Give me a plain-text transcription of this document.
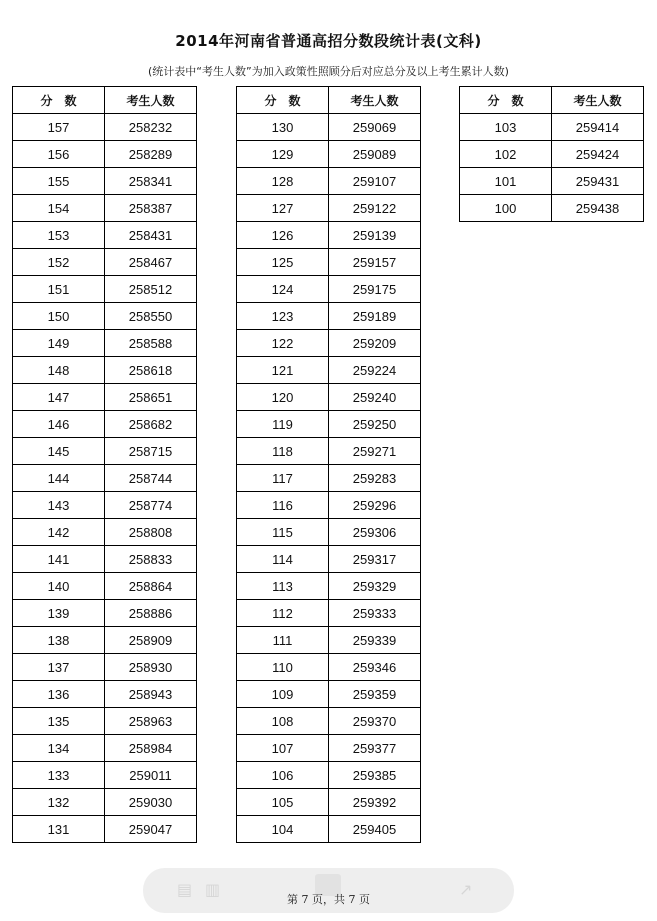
2014年河南省普通高招分数段统计表(文科)
(统计表中“考生人数”为加入政策性照顾分后对应总分及以上考生累计人数)
分　数	考生人数
157	258232
156	258289
155	258341
154	258387
153	258431
152	258467
151	258512
150	258550
149	258588
148	258618
147	258651
146	258682
145	258715
144	258744
143	258774
142	258808
141	258833
140	258864
139	258886
138	258909
137	258930
136	258943
135	258963
134	258984
133	259011
132	259030
131	259047
分　数	考生人数
130	259069
129	259089
128	259107
127	259122
126	259139
125	259157
124	259175
123	259189
122	259209
121	259224
120	259240
119	259250
118	259271
117	259283
116	259296
115	259306
114	259317
113	259329
112	259333
111	259339
110	259346
109	259359
108	259370
107	259377
106	259385
105	259392
104	259405
分　数	考生人数
103	259414
102	259424
101	259431
100	259438
▤ ▥	↗
第 7 页，共 7 页
